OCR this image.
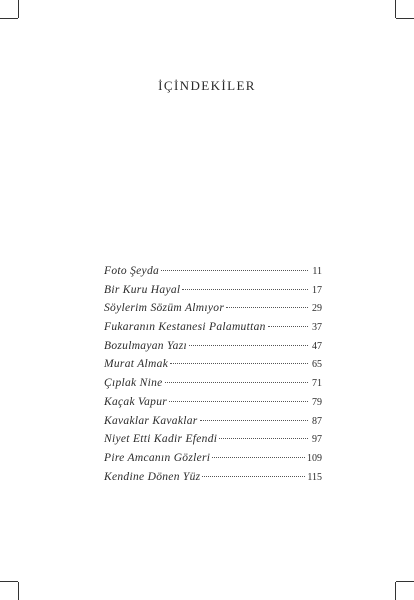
İÇİNDEKİLER
Foto Şeyda	11
Bir Kuru Hayal	17
Söylerim Sözüm Almıyor	29
Fukaranın Kestanesi Palamuttan	37
Bozulmayan Yazı	47
Murat Almak	65
Çıplak Nine	71
Kaçak Vapur	79
Kavaklar Kavaklar	87
Niyet Etti Kadir Efendi	97
Pire Amcanın Gözleri	109
Kendine Dönen Yüz	115
